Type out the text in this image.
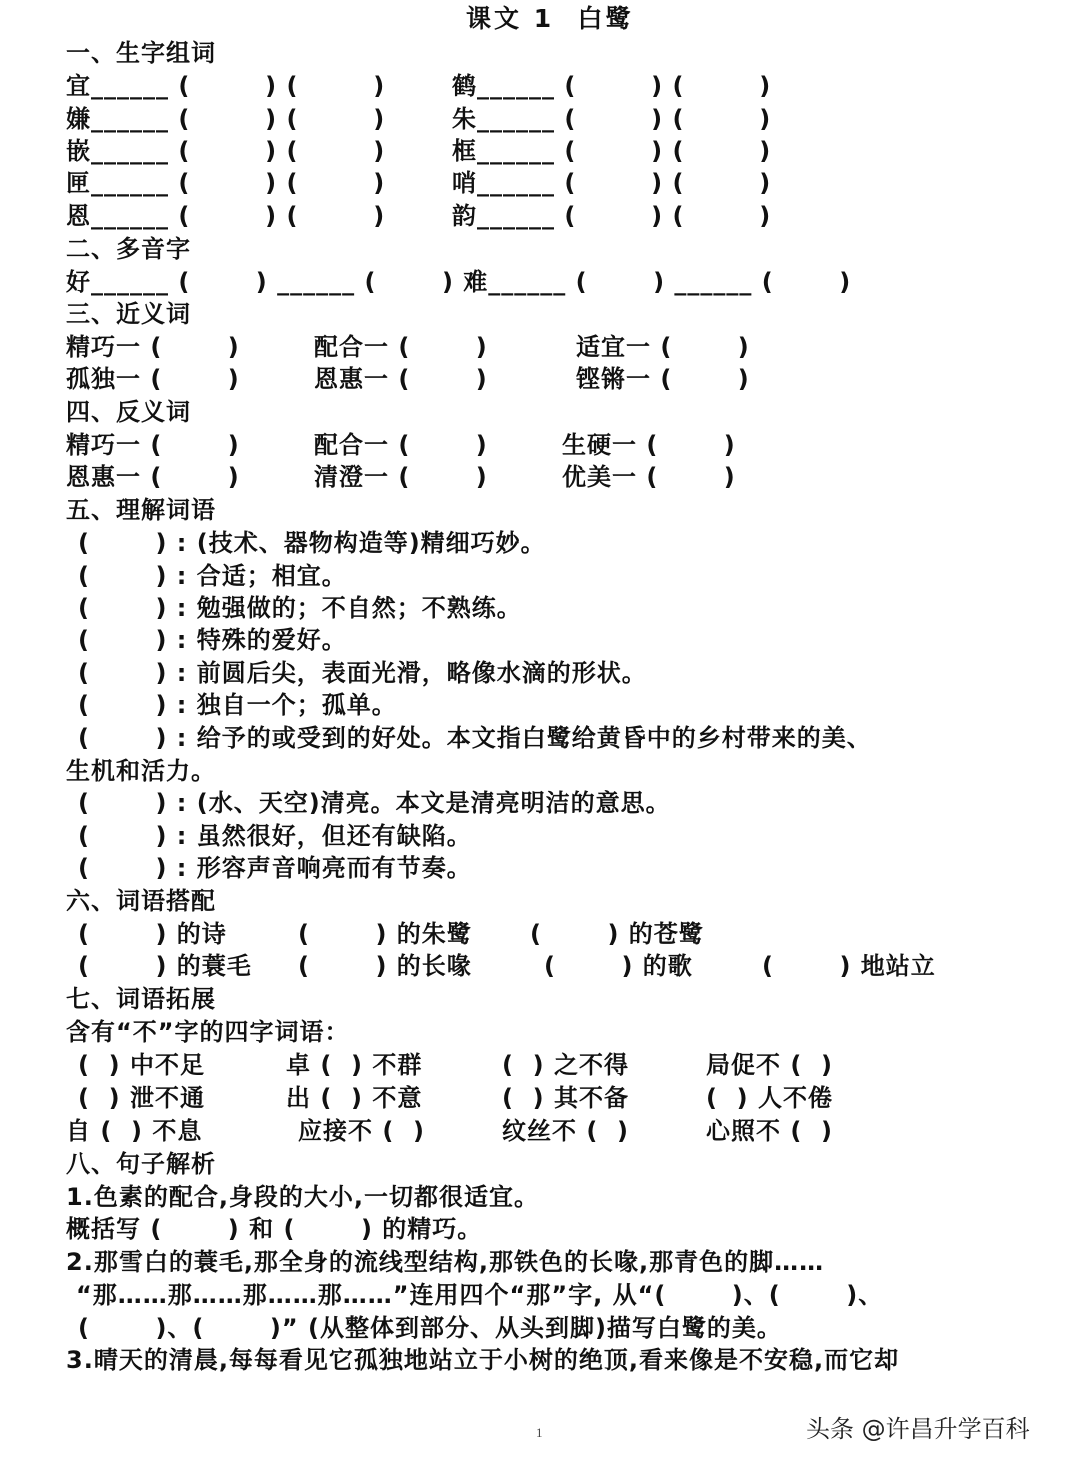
课文 1  白鹭
一、生字组词
宜______ (        ) (        )	鹤______ (        ) (        )
嫌______ (        ) (        )	朱______ (        ) (        )
嵌______ (        ) (        )	框______ (        ) (        )
匣______ (        ) (        )	哨______ (        ) (        )
恩______ (        ) (        )	韵______ (        ) (        )
二、多音字
好______ (       ) ______ (       ) 难______ (       ) ______ (       )
三、近义词
精巧一 (       )	配合一 (       )	适宜一 (       )
孤独一 (       )	恩惠一 (       )	铿锵一 (       )
四、反义词
精巧一 (       )	配合一 (       )	生硬一 (       )
恩惠一 (       )	清澄一 (       )	优美一 (       )
五、理解词语
(       ) : (技术、器物构造等)精细巧妙。
(       ) : 合适；相宜。
(       ) : 勉强做的；不自然；不熟练。
(       ) : 特殊的爱好。
(       ) : 前圆后尖，表面光滑，略像水滴的形状。
(       ) : 独自一个；孤单。
(       ) : 给予的或受到的好处。本文指白鹭给黄昏中的乡村带来的美、
生机和活力。
(       ) : (水、天空)清亮。本文是清亮明洁的意思。
(       ) : 虽然很好，但还有缺陷。
(       ) : 形容声音响亮而有节奏。
六、词语搭配
(       ) 的诗	(       ) 的朱鹭 (       ) 的苍鹭
(       ) 的蓑毛 (       ) 的长喙	(       ) 的歌	(       ) 地站立
七、词语拓展
含有“不”字的四字词语：
(  ) 中不足	卓 (  ) 不群	(  ) 之不得	局促不 (  )
(  ) 泄不通	出 (  ) 不意	(  ) 其不备	(  ) 人不倦
自 (  ) 不息	应接不 (  )	纹丝不 (  )	心照不 (  )
八、句子解析
1.色素的配合,身段的大小,一切都很适宜。
概括写 (       ) 和 (       ) 的精巧。
2.那雪白的蓑毛,那全身的流线型结构,那铁色的长喙,那青色的脚……
“那……那……那……那……”连用四个“那”字, 从“(       )、(       )、
(       )、(       )” (从整体到部分、从头到脚)描写白鹭的美。
3.晴天的清晨,每每看见它孤独地站立于小树的绝顶,看来像是不安稳,而它却
1	头条 @许昌升学百科
